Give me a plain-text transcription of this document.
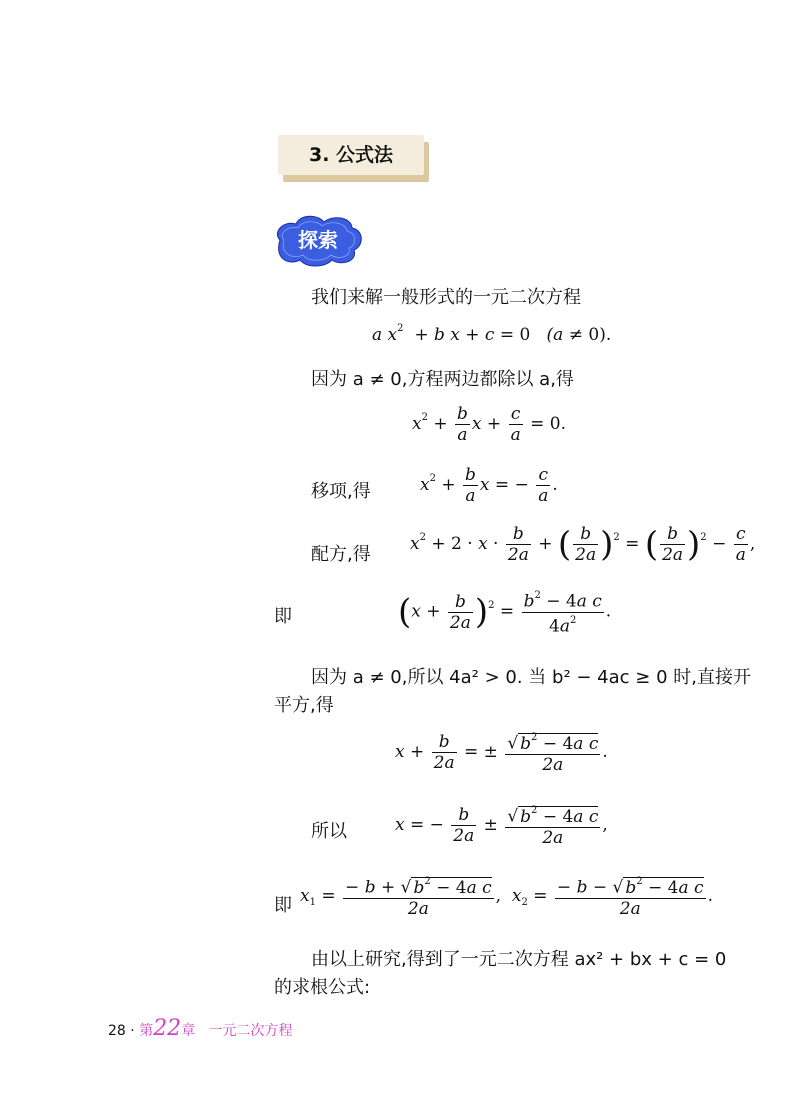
3. 公式法
探索
我们来解一般形式的一元二次方程
a $x^2 + b$ x + c = 0   (a ≠ 0).
因为 a ≠ 0,方程两边都除以 a,得
$x^2 + \frac{b}{a}$ $x + \frac{c}{a} = 0$.
移项,得	$x^2 + \frac{b}{a}$ x = − $\frac{c}{a}$ .
配方,得 $x^2 + 2 \cdot x \cdot \frac{b}{2a}$ + ( $\frac{b}{2a} )^2$ = ( $\frac{b}{2a} )^2 - \frac{c}{a}$ ,
即	$(x + \frac{b}{2a} )^2 = \frac{b^2 - 4a c}{4a^2}$ .
因为 a ≠ 0,所以 4a² > 0. 当 b² − 4ac ≥ 0 时,直接开
平方,得
$x + \frac{b}{2a}$ = ± $\frac{√ b^2 - 4a c}{2a}$ .
所以	x = − $\frac{b}{2a} \pm \frac{√ b^2 - 4a c}{2a}$ ,
即 $x_1 = \frac{- b + √ b^2 - 4a c}{2a}$ ,  $x_2 = \frac{- b - √ b^2 - 4a c}{2a}$ .
由以上研究,得到了一元二次方程 ax² + bx + c = 0
的求根公式:
28 · 第22章 一元二次方程
